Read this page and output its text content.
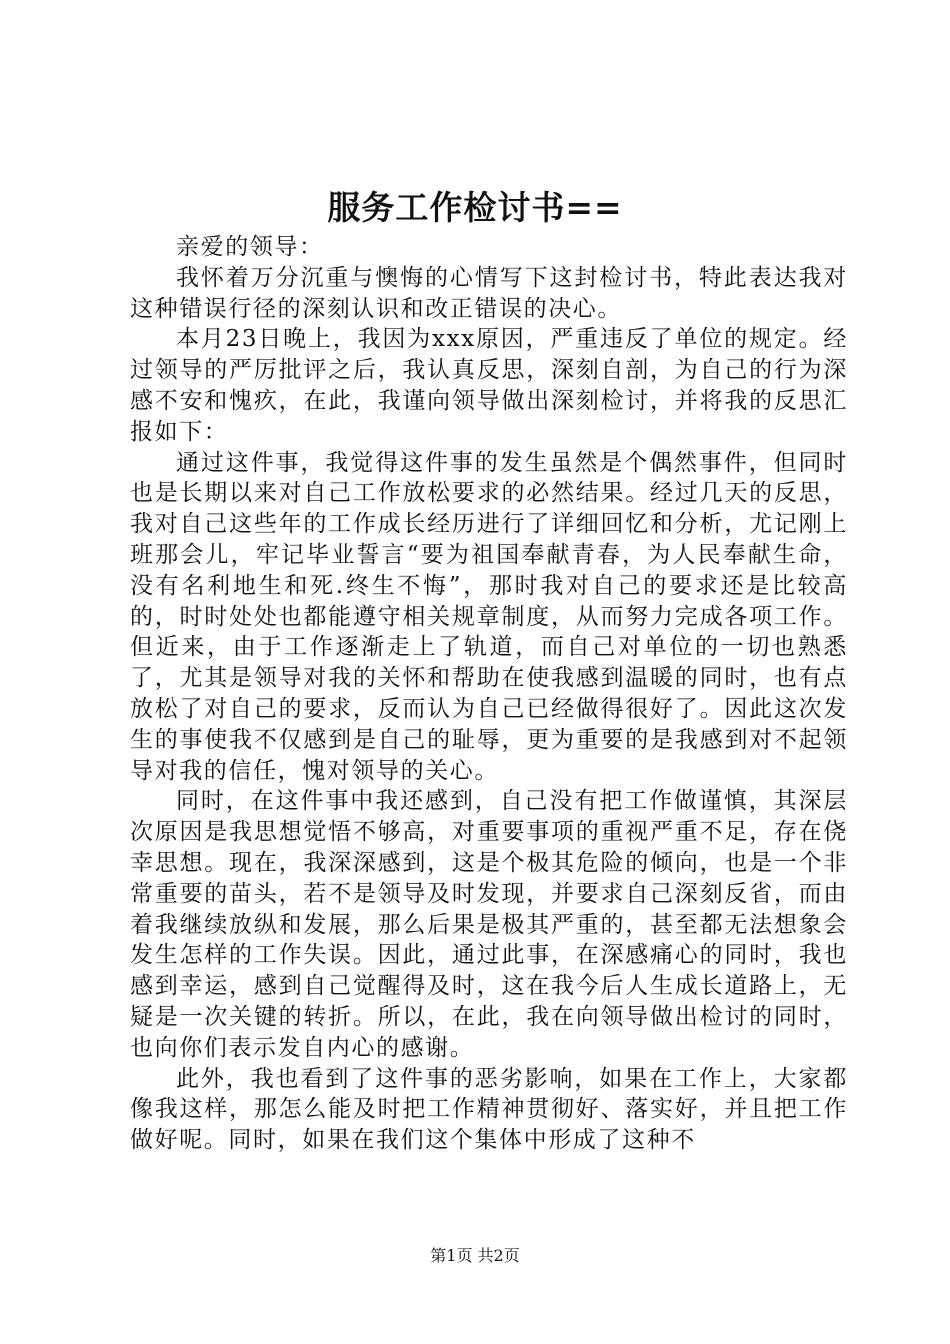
服务工作检讨书==

亲爱的领导：

我怀着万分沉重与懊悔的心情写下这封检讨书，特此表达我对这种错误行径的深刻认识和改正错误的决心。

本月23日晚上，我因为xxx原因，严重违反了单位的规定。经过领导的严厉批评之后，我认真反思，深刻自剖，为自己的行为深感不安和愧疚，在此，我谨向领导做出深刻检讨，并将我的反思汇报如下：

通过这件事，我觉得这件事的发生虽然是个偶然事件，但同时也是长期以来对自己工作放松要求的必然结果。经过几天的反思，我对自己这些年的工作成长经历进行了详细回忆和分析，尤记刚上班那会儿，牢记毕业誓言“要为祖国奉献青春，为人民奉献生命，没有名利地生和死.终生不悔”，那时我对自己的要求还是比较高的，时时处处也都能遵守相关规章制度，从而努力完成各项工作。但近来，由于工作逐渐走上了轨道，而自己对单位的一切也熟悉了，尤其是领导对我的关怀和帮助在使我感到温暖的同时，也有点放松了对自己的要求，反而认为自己已经做得很好了。因此这次发生的事使我不仅感到是自己的耻辱，更为重要的是我感到对不起领导对我的信任，愧对领导的关心。

同时，在这件事中我还感到，自己没有把工作做谨慎，其深层次原因是我思想觉悟不够高，对重要事项的重视严重不足，存在侥幸思想。现在，我深深感到，这是个极其危险的倾向，也是一个非常重要的苗头，若不是领导及时发现，并要求自己深刻反省，而由着我继续放纵和发展，那么后果是极其严重的，甚至都无法想象会发生怎样的工作失误。因此，通过此事，在深感痛心的同时，我也感到幸运，感到自己觉醒得及时，这在我今后人生成长道路上，无疑是一次关键的转折。所以，在此，我在向领导做出检讨的同时，也向你们表示发自内心的感谢。

此外，我也看到了这件事的恶劣影响，如果在工作上，大家都像我这样，那怎么能及时把工作精神贯彻好、落实好，并且把工作做好呢。同时，如果在我们这个集体中形成了这种不

第1页 共2页
